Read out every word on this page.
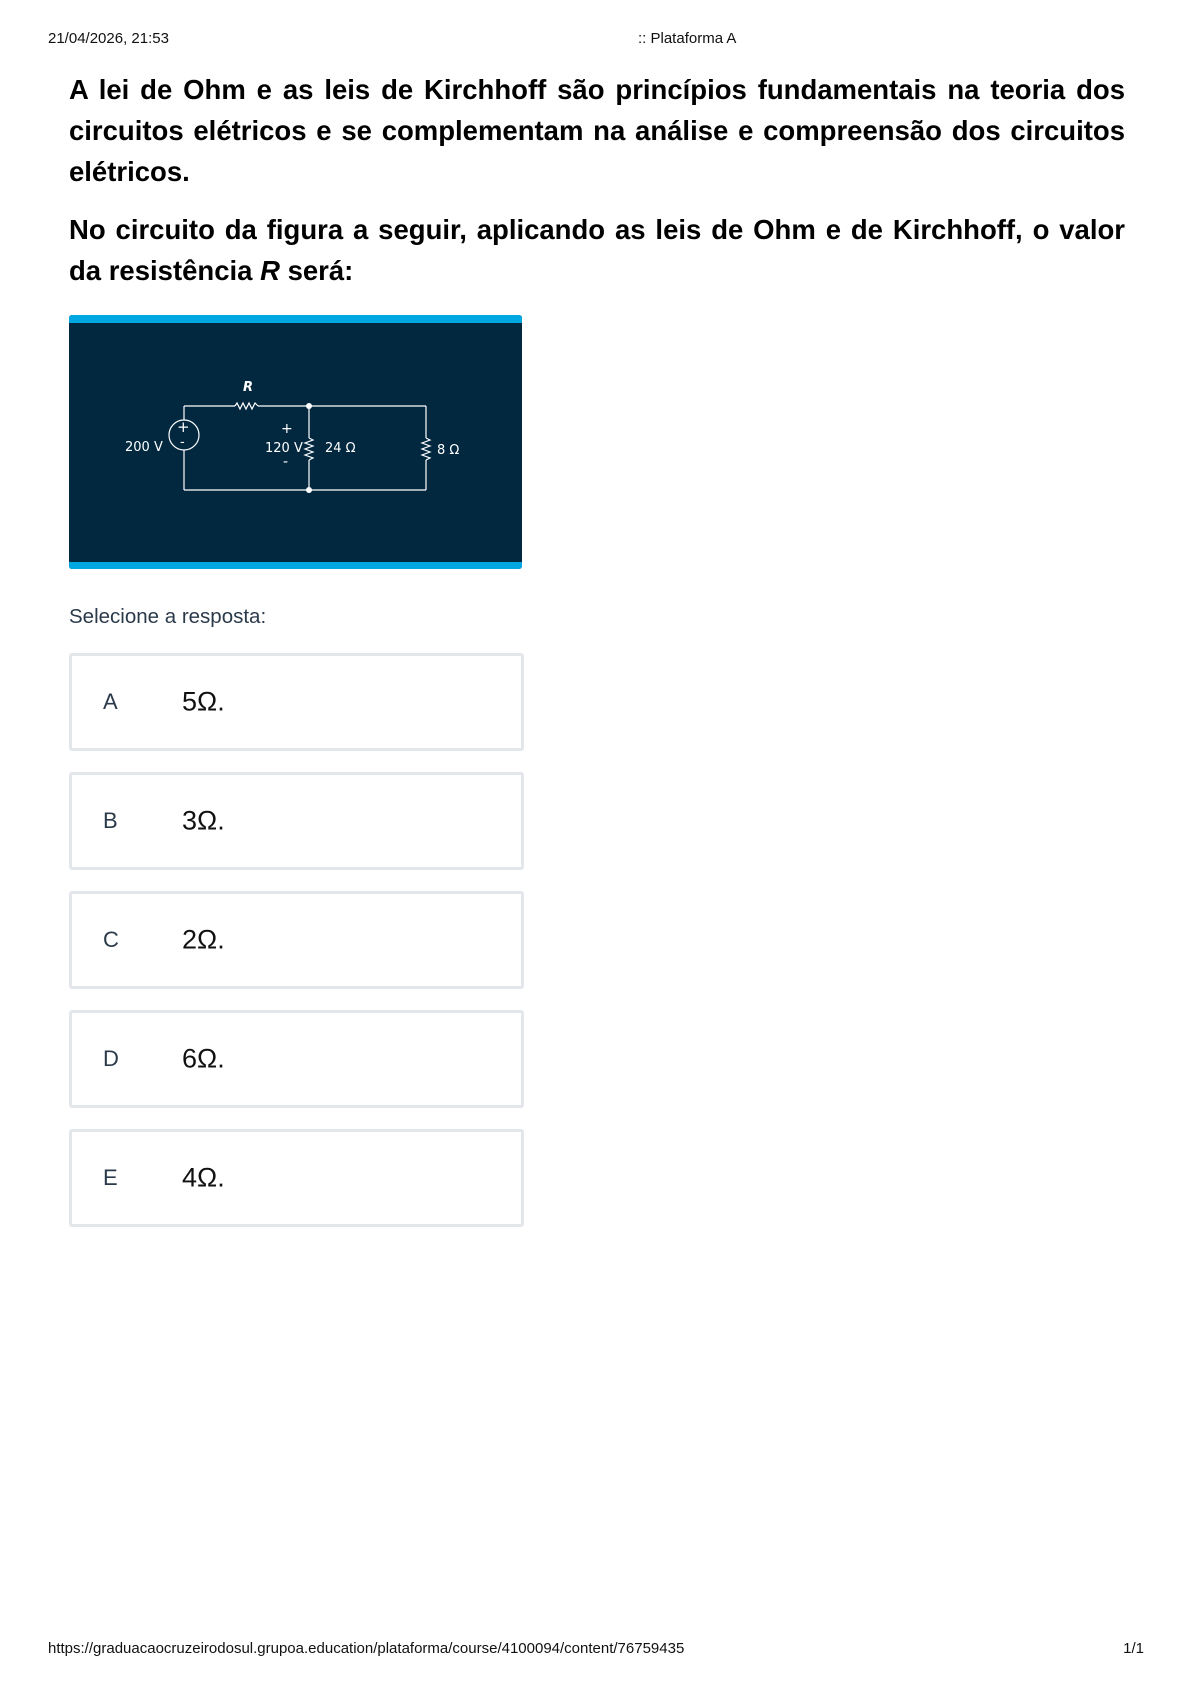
21/04/2026, 21:53	:: Plataforma A

A lei de Ohm e as leis de Kirchhoff são princípios fundamentais na teoria dos circuitos elétricos e se complementam na análise e compreensão dos circuitos elétricos.

No circuito da figura a seguir, aplicando as leis de Ohm e de Kirchhoff, o valor da resistência R será:

+
-
200 V
R
+
-
120 V 24 Ω	8 Ω
Selecione a resposta:
A 5Ω.
B 3Ω.
C 2Ω.
D 6Ω.
E 4Ω.
https://graduacaocruzeirodosul.grupoa.education/plataforma/course/4100094/content/76759435	1/1
